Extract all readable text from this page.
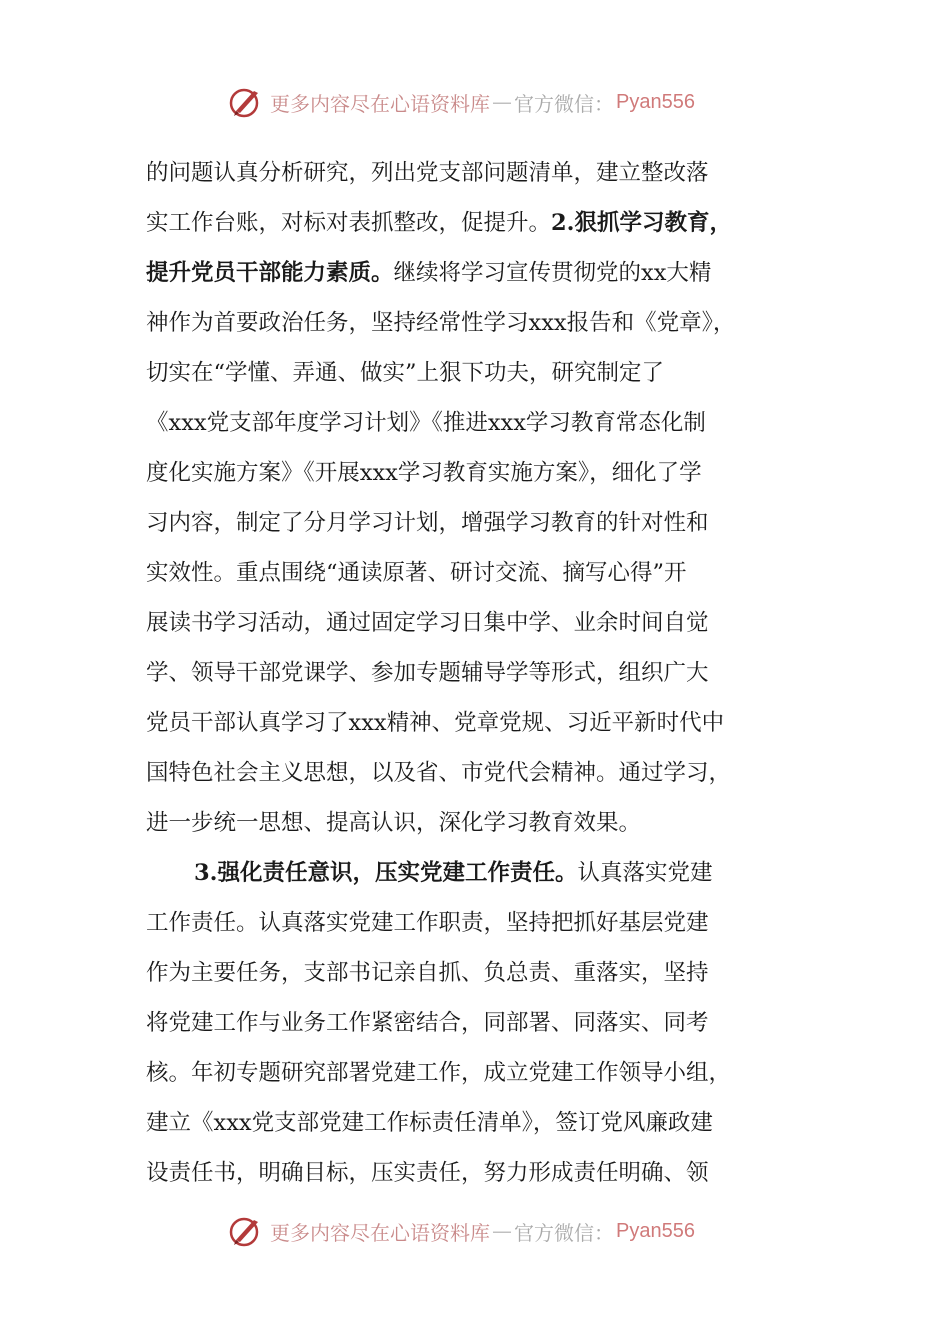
更多内容尽在心语资料库 — 官方微信： Pyan556
的问题认真分析研究，列出党支部问题清单，建立整改落
实工作台账，对标对表抓整改，促提升。2.狠抓学习教育，
提升党员干部能力素质。继续将学习宣传贯彻党的xx大精
神作为首要政治任务，坚持经常性学习xxx报告和《党章》，
切实在“学懂、弄通、做实”上狠下功夫，研究制定了
《xxx党支部年度学习计划》《推进xxx学习教育常态化制
度化实施方案》《开展xxx学习教育实施方案》，细化了学
习内容，制定了分月学习计划，增强学习教育的针对性和
实效性。重点围绕“通读原著、研讨交流、摘写心得”开
展读书学习活动，通过固定学习日集中学、业余时间自觉
学、领导干部党课学、参加专题辅导学等形式，组织广大
党员干部认真学习了xxx精神、党章党规、习近平新时代中
国特色社会主义思想，以及省、市党代会精神。通过学习，
进一步统一思想、提高认识，深化学习教育效果。
3.强化责任意识，压实党建工作责任。认真落实党建
工作责任。认真落实党建工作职责，坚持把抓好基层党建
作为主要任务，支部书记亲自抓、负总责、重落实，坚持
将党建工作与业务工作紧密结合，同部署、同落实、同考
核。年初专题研究部署党建工作，成立党建工作领导小组，
建立《xxx党支部党建工作标责任清单》，签订党风廉政建
设责任书，明确目标，压实责任，努力形成责任明确、领
更多内容尽在心语资料库 — 官方微信： Pyan556
